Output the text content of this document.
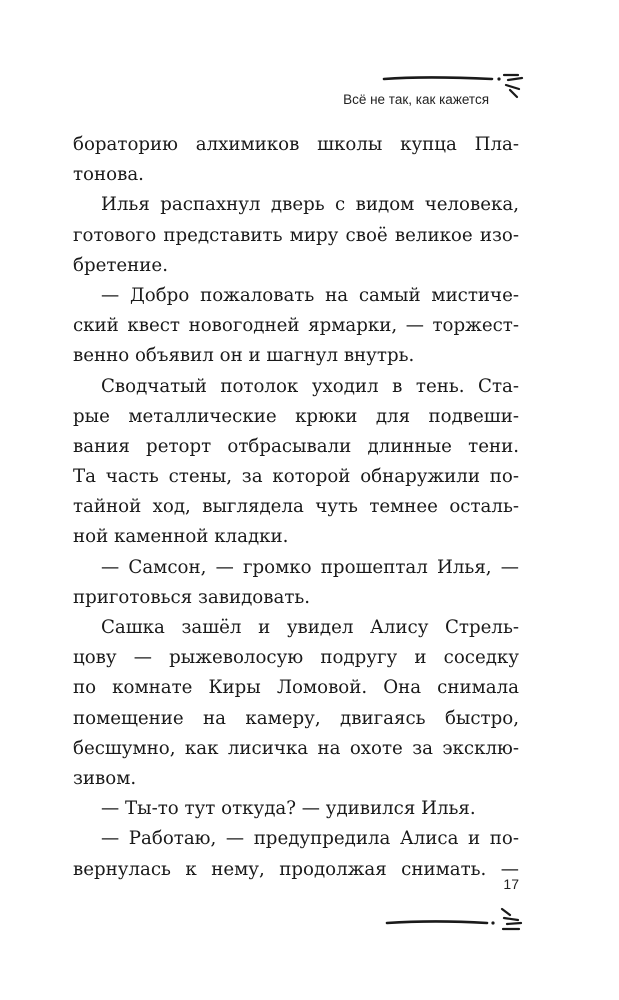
Всё не так, как кажется
бораторию алхимиков школы купца Пла-
тонова.
Илья распахнул дверь с видом человека,
готового представить миру своё великое изо-
бретение.
— Добро пожаловать на самый мистиче-
ский квест новогодней ярмарки, — торжест-
венно объявил он и шагнул внутрь.
Сводчатый потолок уходил в тень. Ста-
рые металлические крюки для подвеши-
вания реторт отбрасывали длинные тени.
Та часть стены, за которой обнаружили по-
тайной ход, выглядела чуть темнее осталь-
ной каменной кладки.
— Самсон, — громко прошептал Илья, —
приготовься завидовать.
Сашка зашёл и увидел Алису Стрель-
цову — рыжеволосую подругу и соседку
по комнате Киры Ломовой. Она снимала
помещение на камеру, двигаясь быстро,
бесшумно, как лисичка на охоте за эксклю-
зивом.
— Ты-то тут откуда? — удивился Илья.
— Работаю, — предупредила Алиса и по-
вернулась к нему, продолжая снимать. —
17
